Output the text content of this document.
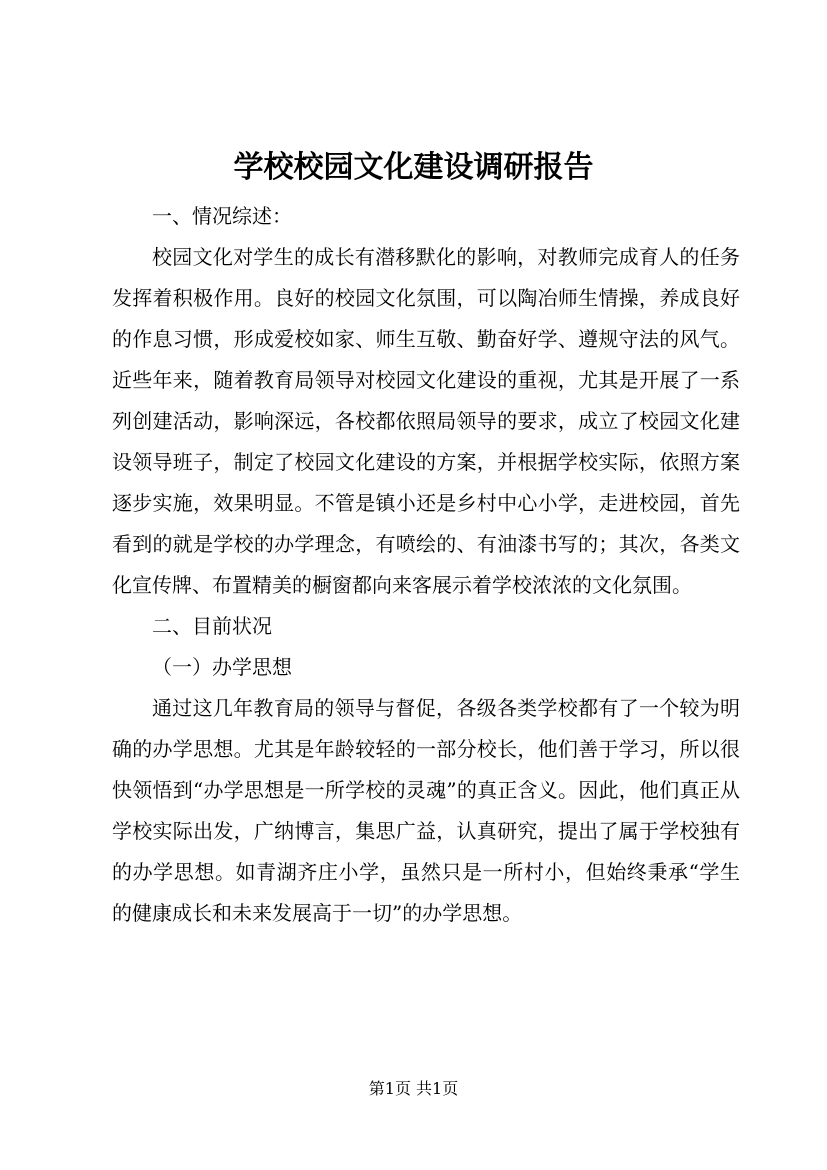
学校校园文化建设调研报告

一、情况综述：

校园文化对学生的成长有潜移默化的影响，对教师完成育人的任务发挥着积极作用。良好的校园文化氛围，可以陶冶师生情操，养成良好的作息习惯，形成爱校如家、师生互敬、勤奋好学、遵规守法的风气。近些年来，随着教育局领导对校园文化建设的重视，尤其是开展了一系列创建活动，影响深远，各校都依照局领导的要求，成立了校园文化建设领导班子，制定了校园文化建设的方案，并根据学校实际，依照方案逐步实施，效果明显。不管是镇小还是乡村中心小学，走进校园，首先看到的就是学校的办学理念，有喷绘的、有油漆书写的；其次，各类文化宣传牌、布置精美的橱窗都向来客展示着学校浓浓的文化氛围。

二、目前状况

（一）办学思想

通过这几年教育局的领导与督促，各级各类学校都有了一个较为明确的办学思想。尤其是年龄较轻的一部分校长，他们善于学习，所以很快领悟到“办学思想是一所学校的灵魂”的真正含义。因此，他们真正从学校实际出发，广纳博言，集思广益，认真研究，提出了属于学校独有的办学思想。如青湖齐庄小学，虽然只是一所村小，但始终秉承“学生的健康成长和未来发展高于一切”的办学思想。

第1页 共1页
